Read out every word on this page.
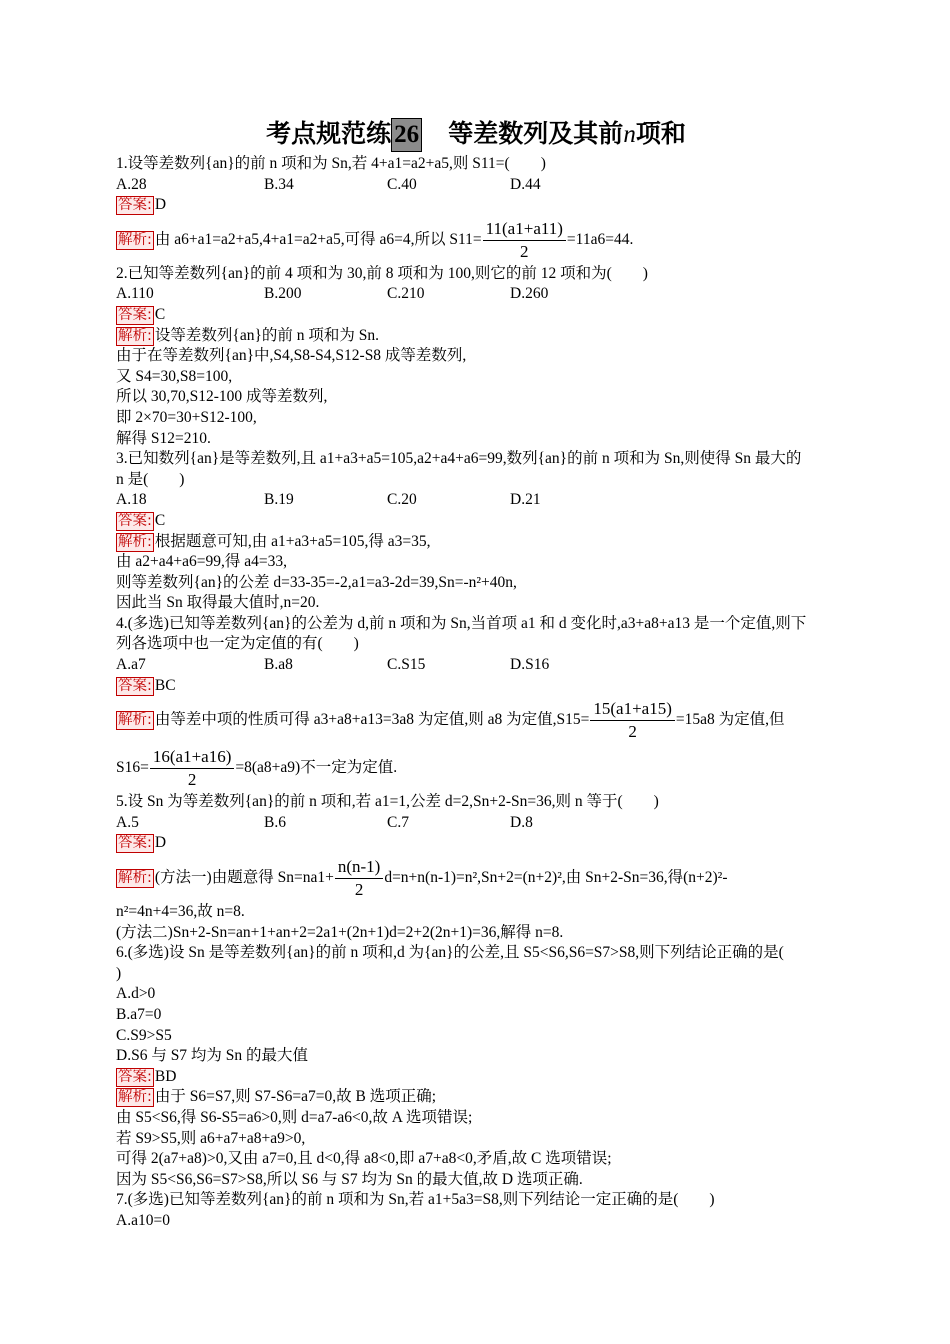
考点规范练 26 等差数列及其前n项和
1.设等差数列{an}的前 n 项和为 Sn,若 4+a1=a2+a5,则 S11=(　　)
A.28	B.34	C.40	D.44
答案: D
解析: 由 a6+a1=a2+a5,4+a1=a2+a5,可得 a6=4,所以 $S11= \frac{11(a1+a11)}{2} =11a6=44$.
2.已知等差数列{an}的前 4 项和为 30,前 8 项和为 100,则它的前 12 项和为(　　)
A.110	B.200	C.210	D.260
答案: C
解析: 设等差数列{an}的前 n 项和为 Sn.
由于在等差数列{an}中,S4,S8-S4,S12-S8 成等差数列,
又 S4=30,S8=100,
所以 30,70,S12-100 成等差数列,
即 2×70=30+S12-100,
解得 S12=210.
3.已知数列{an}是等差数列,且 a1+a3+a5=105,a2+a4+a6=99,数列{an}的前 n 项和为 Sn,则使得 Sn 最大的
n 是(　　)
A.18	B.19	C.20	D.21
答案: C
解析: 根据题意可知,由 a1+a3+a5=105,得 a3=35,
由 a2+a4+a6=99,得 a4=33,
则等差数列{an}的公差 d=33-35=-2,a1=a3-2d=39,Sn=-n²+40n,
因此当 Sn 取得最大值时,n=20.
4.(多选)已知等差数列{an}的公差为 d,前 n 项和为 Sn,当首项 a1 和 d 变化时,a3+a8+a13 是一个定值,则下
列各选项中也一定为定值的有(　　)
A.a7	B.a8	C.S15	D.S16
答案: BC
解析: 由等差中项的性质可得 a3+a8+a13=3a8 为定值,则 a8 为定值$,S15= \frac{15(a1+a15)}{2} =15a8$ 为定值,但
$S16= \frac{16(a1+a16)}{2} =8(a8+a9)$不一定为定值.
5.设 Sn 为等差数列{an}的前 n 项和,若 a1=1,公差 d=2,Sn+2-Sn=36,则 n 等于(　　)
A.5	B.6	C.7	D.8
答案: D
解析: (方法一)由题意得 $Sn=na1+ \frac{n(n-1)}{2} d=n+n(n-1)=n^2,Sn+2=(n+2)^2$,由 Sn+2-Sn=36,得(n+2)²-
n²=4n+4=36,故 n=8.
(方法二)Sn+2-Sn=an+1+an+2=2a1+(2n+1)d=2+2(2n+1)=36,解得 n=8.
6.(多选)设 Sn 是等差数列{an}的前 n 项和,d 为{an}的公差,且 S5<S6,S6=S7>S8,则下列结论正确的是(
)
A.d>0
B.a7=0
C.S9>S5
D.S6 与 S7 均为 Sn 的最大值
答案: BD
解析: 由于 S6=S7,则 S7-S6=a7=0,故 B 选项正确;
由 S5<S6,得 S6-S5=a6>0,则 d=a7-a6<0,故 A 选项错误;
若 S9>S5,则 a6+a7+a8+a9>0,
可得 2(a7+a8)>0,又由 a7=0,且 d<0,得 a8<0,即 a7+a8<0,矛盾,故 C 选项错误;
因为 S5<S6,S6=S7>S8,所以 S6 与 S7 均为 Sn 的最大值,故 D 选项正确.
7.(多选)已知等差数列{an}的前 n 项和为 Sn,若 a1+5a3=S8,则下列结论一定正确的是(　　)
A.a10=0
